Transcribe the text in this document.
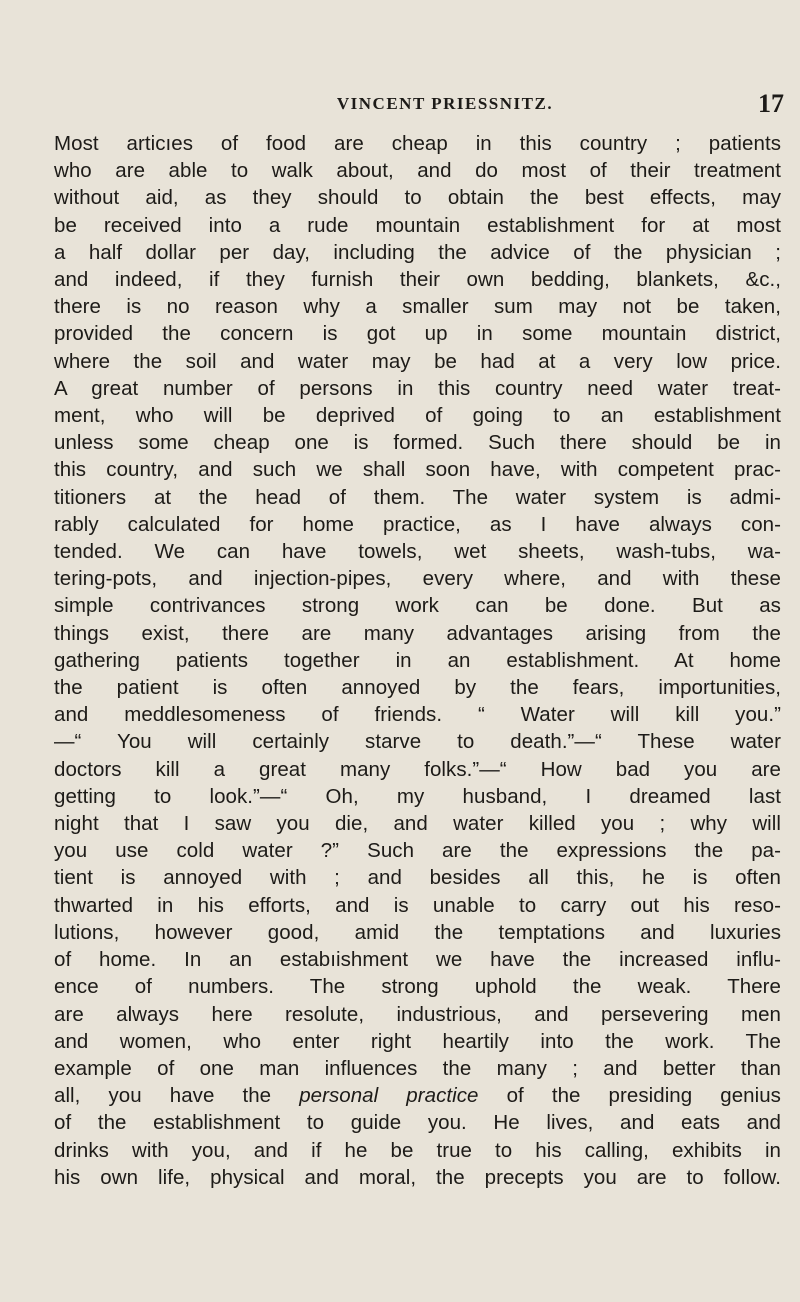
VINCENT PRIESSNITZ.	17
Most articıes of food are cheap in this country ; patients
who are able to walk about, and do most of their treatment
without aid, as they should to obtain the best effects, may
be received into a rude mountain establishment for at most
a half dollar per day, including the advice of the physician ;
and indeed, if they furnish their own bedding, blankets, &c.,
there is no reason why a smaller sum may not be taken,
provided the concern is got up in some mountain district,
where the soil and water may be had at a very low price.
A great number of persons in this country need water treat-
ment, who will be deprived of going to an establishment
unless some cheap one is formed. Such there should be in
this country, and such we shall soon have, with competent prac-
titioners at the head of them. The water system is admi-
rably calculated for home practice, as I have always con-
tended. We can have towels, wet sheets, wash-tubs, wa-
tering-pots, and injection-pipes, every where, and with these
simple contrivances strong work can be done. But as
things exist, there are many advantages arising from the
gathering patients together in an establishment. At home
the patient is often annoyed by the fears, importunities,
and meddlesomeness of friends. “ Water will kill you.”
—“ You will certainly starve to death.”—“ These water
doctors kill a great many folks.”—“ How bad you are
getting to look.”—“ Oh, my husband, I dreamed last
night that I saw you die, and water killed you ; why will
you use cold water ?” Such are the expressions the pa-
tient is annoyed with ; and besides all this, he is often
thwarted in his efforts, and is unable to carry out his reso-
lutions, however good, amid the temptations and luxuries
of home. In an estabıishment we have the increased influ-
ence of numbers. The strong uphold the weak. There
are always here resolute, industrious, and persevering men
and women, who enter right heartily into the work. The
example of one man influences the many ; and better than
all, you have the personal practice of the presiding genius
of the establishment to guide you. He lives, and eats and
drinks with you, and if he be true to his calling, exhibits in
his own life, physical and moral, the precepts you are to follow.
